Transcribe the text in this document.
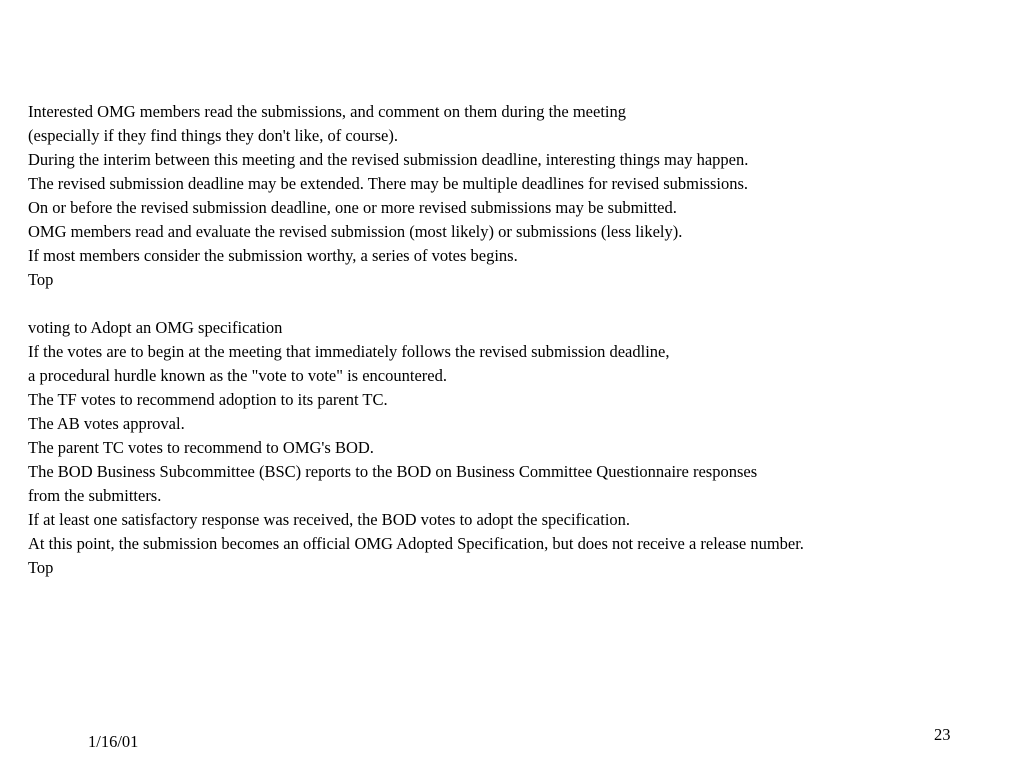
Interested OMG members read the submissions, and comment on them during the meeting
(especially if they find things they don't like, of course).
During the interim between this meeting and the revised submission deadline, interesting things may happen.
The revised submission deadline may be extended. There may be multiple deadlines for revised submissions.
On or before the revised submission deadline, one or more revised submissions may be submitted.
OMG members read and evaluate the revised submission (most likely) or submissions (less likely).
If most members consider the submission worthy, a series of votes begins.
Top
voting to Adopt an OMG specification
If the votes are to begin at the meeting that immediately follows the revised submission deadline,
a procedural hurdle known as the "vote to vote" is encountered.
The TF votes to recommend adoption to its parent TC.
The AB votes approval.
The parent TC votes to recommend to OMG's BOD.
The BOD Business Subcommittee (BSC) reports to the BOD on Business Committee Questionnaire responses
from the submitters.
If at least one satisfactory response was received, the BOD votes to adopt the specification.
At this point, the submission becomes an official OMG Adopted Specification, but does not receive a release number.
Top
1/16/01	23
